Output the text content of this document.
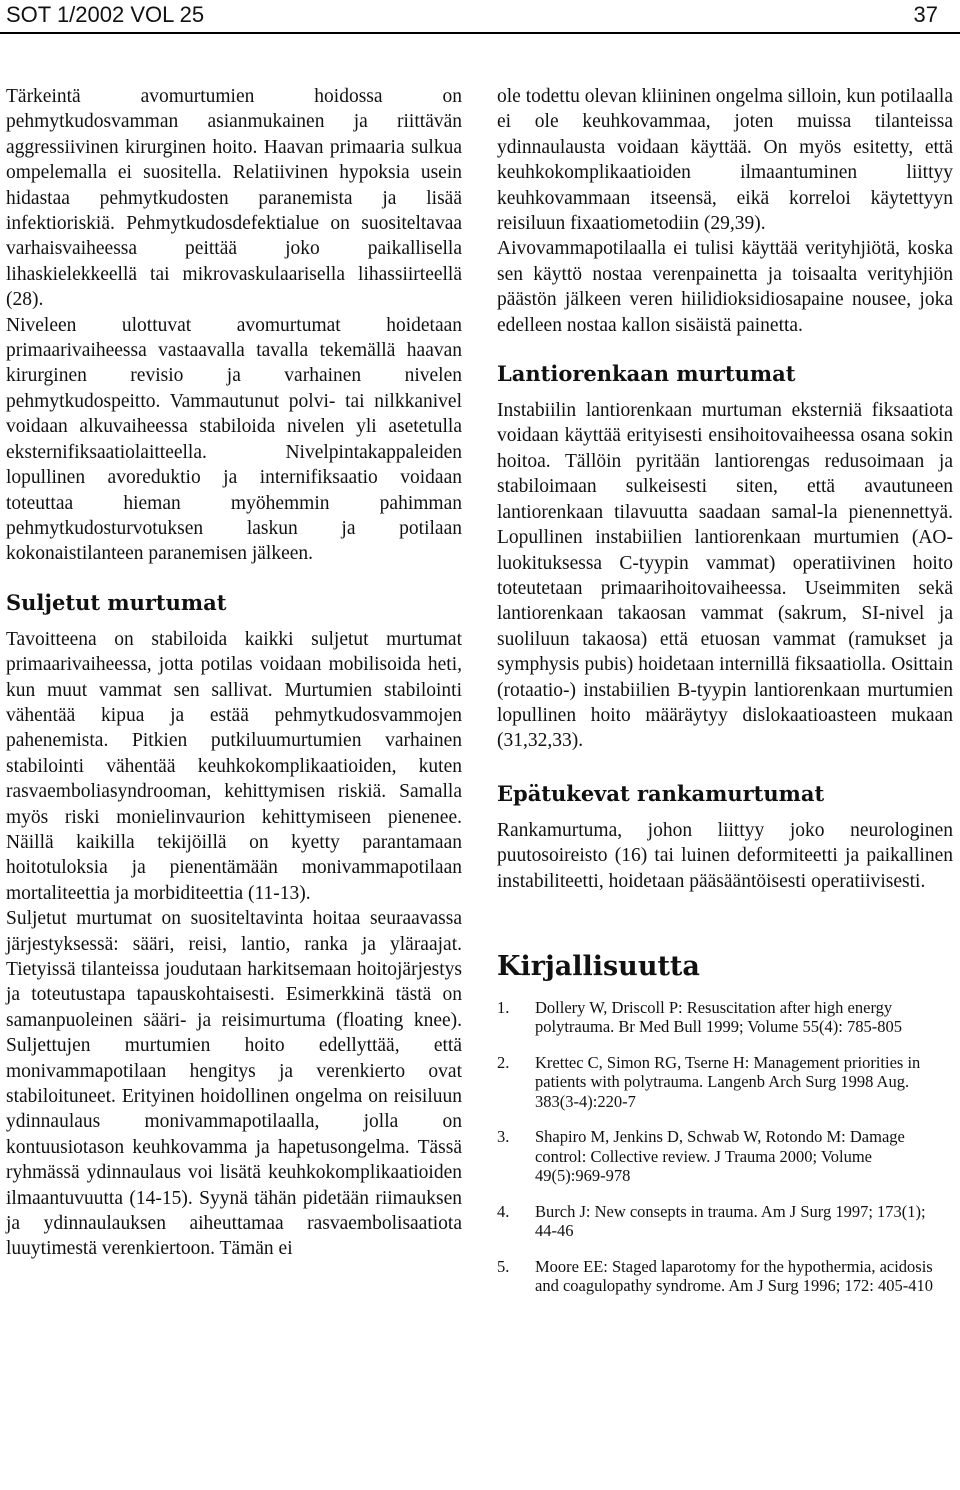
SOT 1/2002 VOL 25	37

Tärkeintä avomurtumien hoidossa on pehmytkudosvamman asianmukainen ja riittävän aggressiivinen kirurginen hoito. Haavan primaaria sulkua ompelemalla ei suositella. Relatiivinen hypoksia usein hidastaa pehmytkudosten paranemista ja lisää infektioriskiä. Pehmytkudosdefektialue on suositeltavaa varhaisvaiheessa peittää joko paikallisella lihaskielekkeellä tai mikrovaskulaarisella lihassiirteellä (28).

Niveleen ulottuvat avomurtumat hoidetaan primaarivaiheessa vastaavalla tavalla tekemällä haavan kirurginen revisio ja varhainen nivelen pehmytkudospeitto. Vammautunut polvi- tai nilkkanivel voidaan alkuvaiheessa stabiloida nivelen yli asetetulla eksternifiksaatiolaitteella. Nivelpintakappaleiden lopullinen avoreduktio ja internifiksaatio voidaan toteuttaa hieman myöhemmin pahimman pehmytkudosturvotuksen laskun ja potilaan kokonaistilanteen paranemisen jälkeen.

Suljetut murtumat

Tavoitteena on stabiloida kaikki suljetut murtumat primaarivaiheessa, jotta potilas voidaan mobilisoida heti, kun muut vammat sen sallivat. Murtumien stabilointi vähentää kipua ja estää pehmytkudosvammojen pahenemista. Pitkien putkiluumurtumien varhainen stabilointi vähentää keuhkokomplikaatioiden, kuten rasvaemboliasyndrooman, kehittymisen riskiä. Samalla myös riski monielinvaurion kehittymiseen pienenee. Näillä kaikilla tekijöillä on kyetty parantamaan hoitotuloksia ja pienentämään monivammapotilaan mortaliteettia ja morbiditeettia (11-13).

Suljetut murtumat on suositeltavinta hoitaa seuraavassa järjestyksessä: sääri, reisi, lantio, ranka ja yläraajat. Tietyissä tilanteissa joudutaan harkitsemaan hoitojärjestys ja toteutustapa tapauskohtaisesti. Esimerkkinä tästä on samanpuoleinen sääri- ja reisimurtuma (floating knee). Suljettujen murtumien hoito edellyttää, että monivammapotilaan hengitys ja verenkierto ovat stabiloituneet. Erityinen hoidollinen ongelma on reisiluun ydinnaulaus monivammapotilaalla, jolla on kontuusiotason keuhkovamma ja hapetusongelma. Tässä ryhmässä ydinnaulaus voi lisätä keuhkokomplikaatioiden ilmaantuvuutta (14-15). Syynä tähän pidetään riimauksen ja ydinnaulauksen aiheuttamaa rasvaembolisaatiota luuytimestä verenkiertoon. Tämän ei

ole todettu olevan kliininen ongelma silloin, kun potilaalla ei ole keuhkovammaa, joten muissa tilanteissa ydinnaulausta voidaan käyttää. On myös esitetty, että keuhkokomplikaatioiden ilmaantuminen liittyy keuhkovammaan itseensä, eikä korreloi käytettyyn reisiluun fixaatiometodiin (29,39).

Aivovammapotilaalla ei tulisi käyttää verityhjiötä, koska sen käyttö nostaa verenpainetta ja toisaalta verityhjiön päästön jälkeen veren hiilidioksidiosapaine nousee, joka edelleen nostaa kallon sisäistä painetta.

Lantiorenkaan murtumat

Instabiilin lantiorenkaan murtuman eksterniä fiksaatiota voidaan käyttää erityisesti ensihoitovaiheessa osana sokin hoitoa. Tällöin pyritään lantiorengas redusoimaan ja stabiloimaan sulkeisesti siten, että avautuneen lantiorenkaan tilavuutta saadaan samal-la pienennettyä. Lopullinen instabiilien lantiorenkaan murtumien (AO-luokituksessa C-tyypin vammat) operatiivinen hoito toteutetaan primaarihoitovaiheessa. Useimmiten sekä lantiorenkaan takaosan vammat (sakrum, SI-nivel ja suoliluun takaosa) että etuosan vammat (ramukset ja symphysis pubis) hoidetaan internillä fiksaatiolla. Osittain (rotaatio-) instabiilien B-tyypin lantiorenkaan murtumien lopullinen hoito määräytyy dislokaatioasteen mukaan (31,32,33).

Epätukevat rankamurtumat

Rankamurtuma, johon liittyy joko neurologinen puutosoireisto (16) tai luinen deformiteetti ja paikallinen instabiliteetti, hoidetaan pääsääntöisesti operatiivisesti.

Kirjallisuutta
1. Dollery W, Driscoll P: Resuscitation after high energy polytrauma. Br Med Bull 1999; Volume 55(4): 785-805
2. Krettec C, Simon RG, Tserne H: Management priorities in patients with polytrauma. Langenb Arch Surg 1998 Aug. 383(3-4):220-7
3. Shapiro M, Jenkins D, Schwab W, Rotondo M: Damage control: Collective review. J Trauma 2000; Volume 49(5):969-978
4. Burch J: New consepts in trauma. Am J Surg 1997; 173(1); 44-46
5. Moore EE: Staged laparotomy for the hypothermia, acidosis and coagulopathy syndrome. Am J Surg 1996; 172: 405-410
